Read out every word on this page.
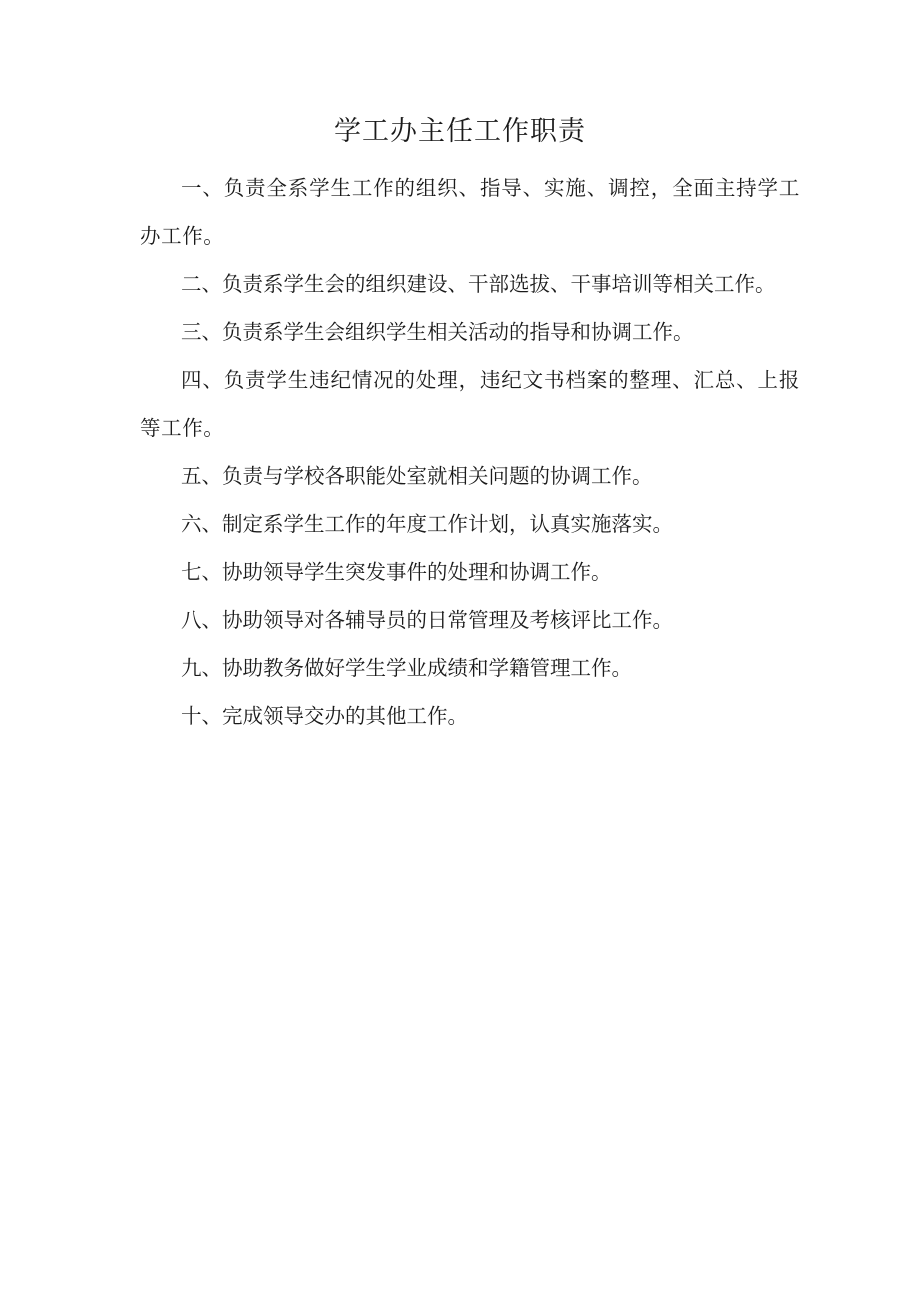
学工办主任工作职责

一、负责全系学生工作的组织、指导、实施、调控，全面主持学工办工作。

二、负责系学生会的组织建设、干部选拔、干事培训等相关工作。

三、负责系学生会组织学生相关活动的指导和协调工作。

四、负责学生违纪情况的处理，违纪文书档案的整理、汇总、上报等工作。

五、负责与学校各职能处室就相关问题的协调工作。

六、制定系学生工作的年度工作计划，认真实施落实。

七、协助领导学生突发事件的处理和协调工作。

八、协助领导对各辅导员的日常管理及考核评比工作。

九、协助教务做好学生学业成绩和学籍管理工作。

十、完成领导交办的其他工作。
